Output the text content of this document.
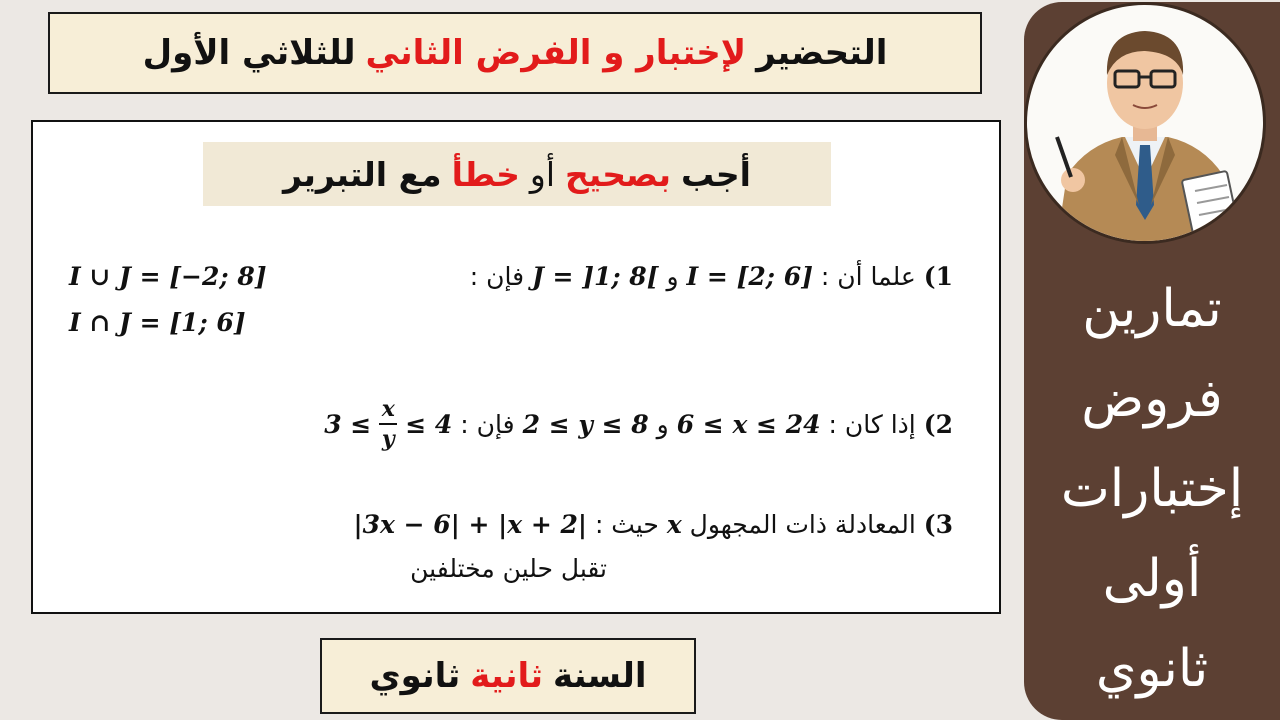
التحضير
لإختبار و الفرض الثاني
للثلاثي الأول
أجب
بصحيح
أو
خطأ
مع التبرير
1) علما أن : I = [2; 6] و J = ]1; 8[ فإن :
I ∪ J = [−2; 8]
I ∩ J = [1; 6]
2)
إذا كان :
6 ≤ x ≤ 24
و
2 ≤ y ≤ 8
فإن :
$3 \le \frac{x}{y} \le 4$
3) المعادلة ذات المجهول x حيث : |3x − 6| + |x + 2|
تقبل حلين مختلفين
السنة
ثانية
ثانوي
تمارين
فروض
إختبارات
أولى
ثانوي
